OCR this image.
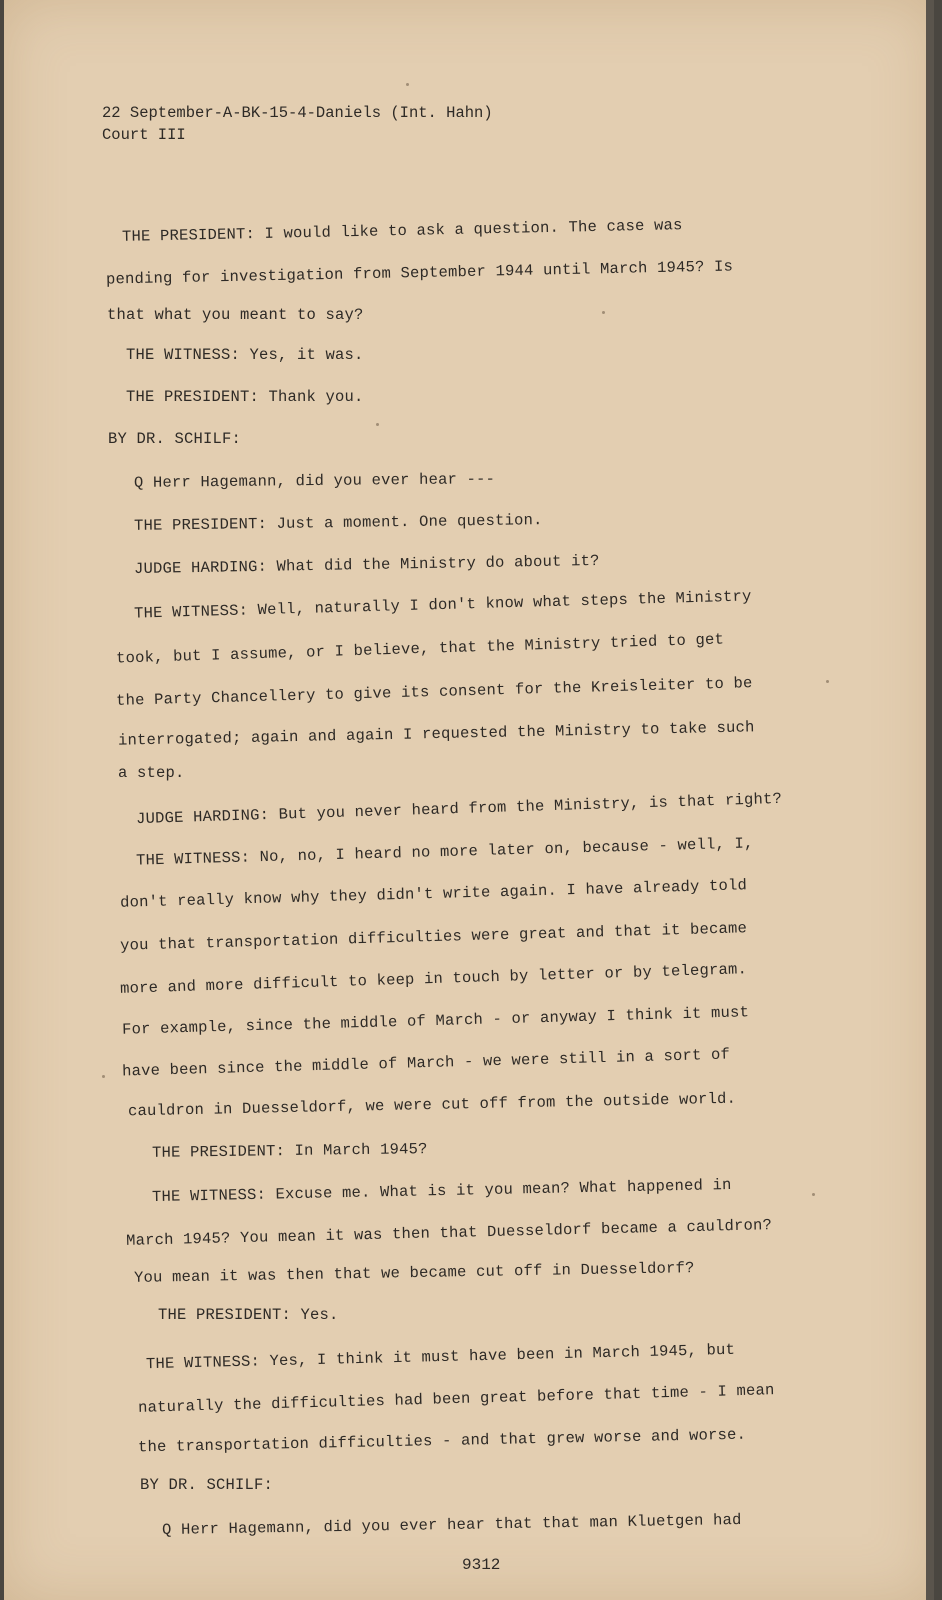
22 September-A-BK-15-4-Daniels (Int. Hahn)
Court III
THE PRESIDENT: I would like to ask a question. The case was
pending for investigation from September 1944 until March 1945? Is
that what you meant to say?
THE WITNESS: Yes, it was.
THE PRESIDENT: Thank you.
BY DR. SCHILF:
Q Herr Hagemann, did you ever hear ---
THE PRESIDENT: Just a moment. One question.
JUDGE HARDING: What did the Ministry do about it?
THE WITNESS: Well, naturally I don't know what steps the Ministry
took, but I assume, or I believe, that the Ministry tried to get
the Party Chancellery to give its consent for the Kreisleiter to be
interrogated; again and again I requested the Ministry to take such
a step.
JUDGE HARDING: But you never heard from the Ministry, is that right?
THE WITNESS: No, no, I heard no more later on, because - well, I,
don't really know why they didn't write again. I have already told
you that transportation difficulties were great and that it became
more and more difficult to keep in touch by letter or by telegram.
For example, since the middle of March - or anyway I think it must
have been since the middle of March - we were still in a sort of
cauldron in Duesseldorf, we were cut off from the outside world.
THE PRESIDENT: In March 1945?
THE WITNESS: Excuse me. What is it you mean? What happened in
March 1945? You mean it was then that Duesseldorf became a cauldron?
You mean it was then that we became cut off in Duesseldorf?
THE PRESIDENT: Yes.
THE WITNESS: Yes, I think it must have been in March 1945, but
naturally the difficulties had been great before that time - I mean
the transportation difficulties - and that grew worse and worse.
BY DR. SCHILF:
Q Herr Hagemann, did you ever hear that that man Kluetgen had
9312
